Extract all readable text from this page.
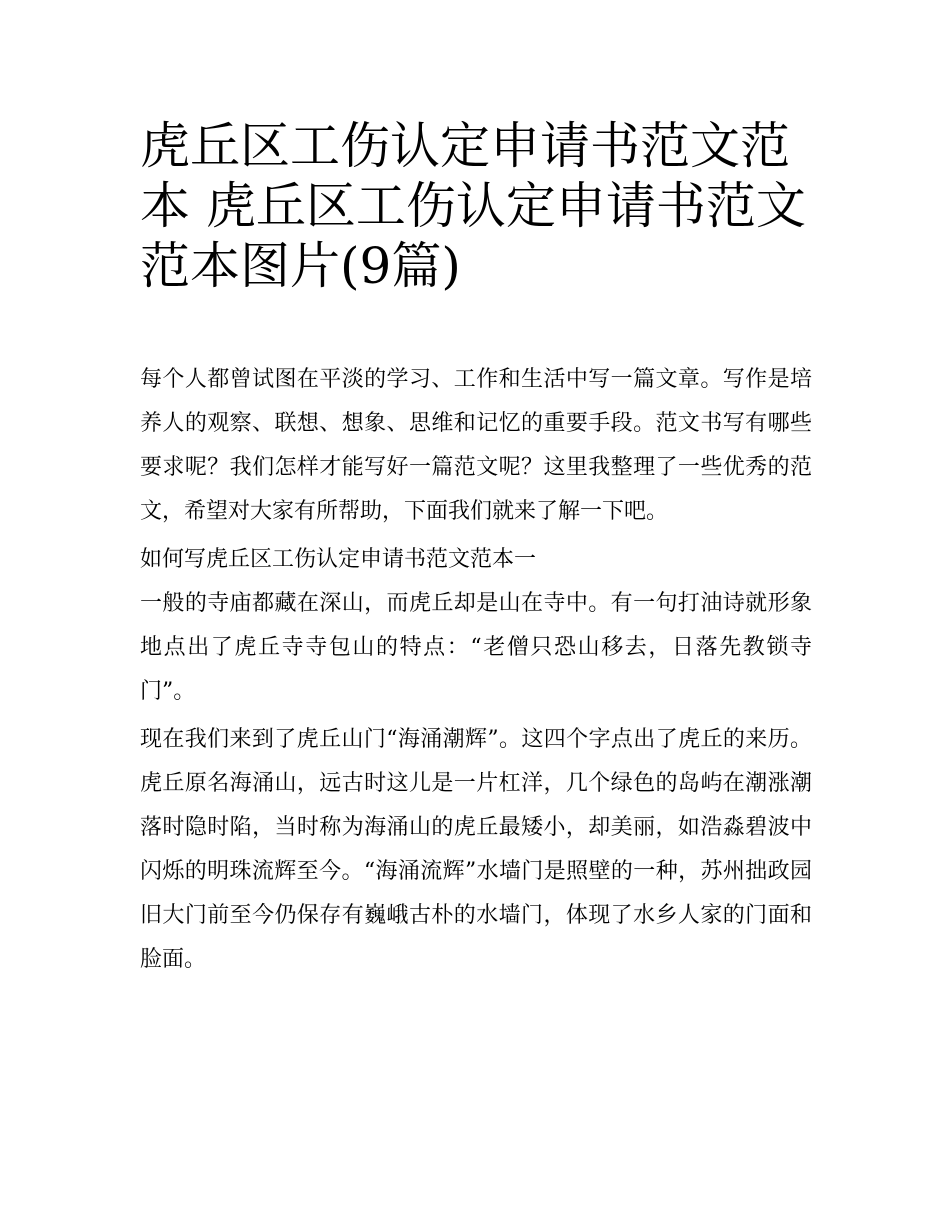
虎丘区工伤认定申请书范文范本 虎丘区工伤认定申请书范文范本图片(9篇)

每个人都曾试图在平淡的学习、工作和生活中写一篇文章。写作是培养人的观察、联想、想象、思维和记忆的重要手段。范文书写有哪些要求呢？我们怎样才能写好一篇范文呢？这里我整理了一些优秀的范文，希望对大家有所帮助，下面我们就来了解一下吧。

如何写虎丘区工伤认定申请书范文范本一

一般的寺庙都藏在深山，而虎丘却是山在寺中。有一句打油诗就形象地点出了虎丘寺寺包山的特点：“老僧只恐山移去，日落先教锁寺门”。

现在我们来到了虎丘山门“海涌潮辉”。这四个字点出了虎丘的来历。虎丘原名海涌山，远古时这儿是一片杠洋，几个绿色的岛屿在潮涨潮落时隐时陷，当时称为海涌山的虎丘最矮小，却美丽，如浩淼碧波中闪烁的明珠流辉至今。“海涌流辉”水墙门是照壁的一种，苏州拙政园旧大门前至今仍保存有巍峨古朴的水墙门，体现了水乡人家的门面和脸面。
